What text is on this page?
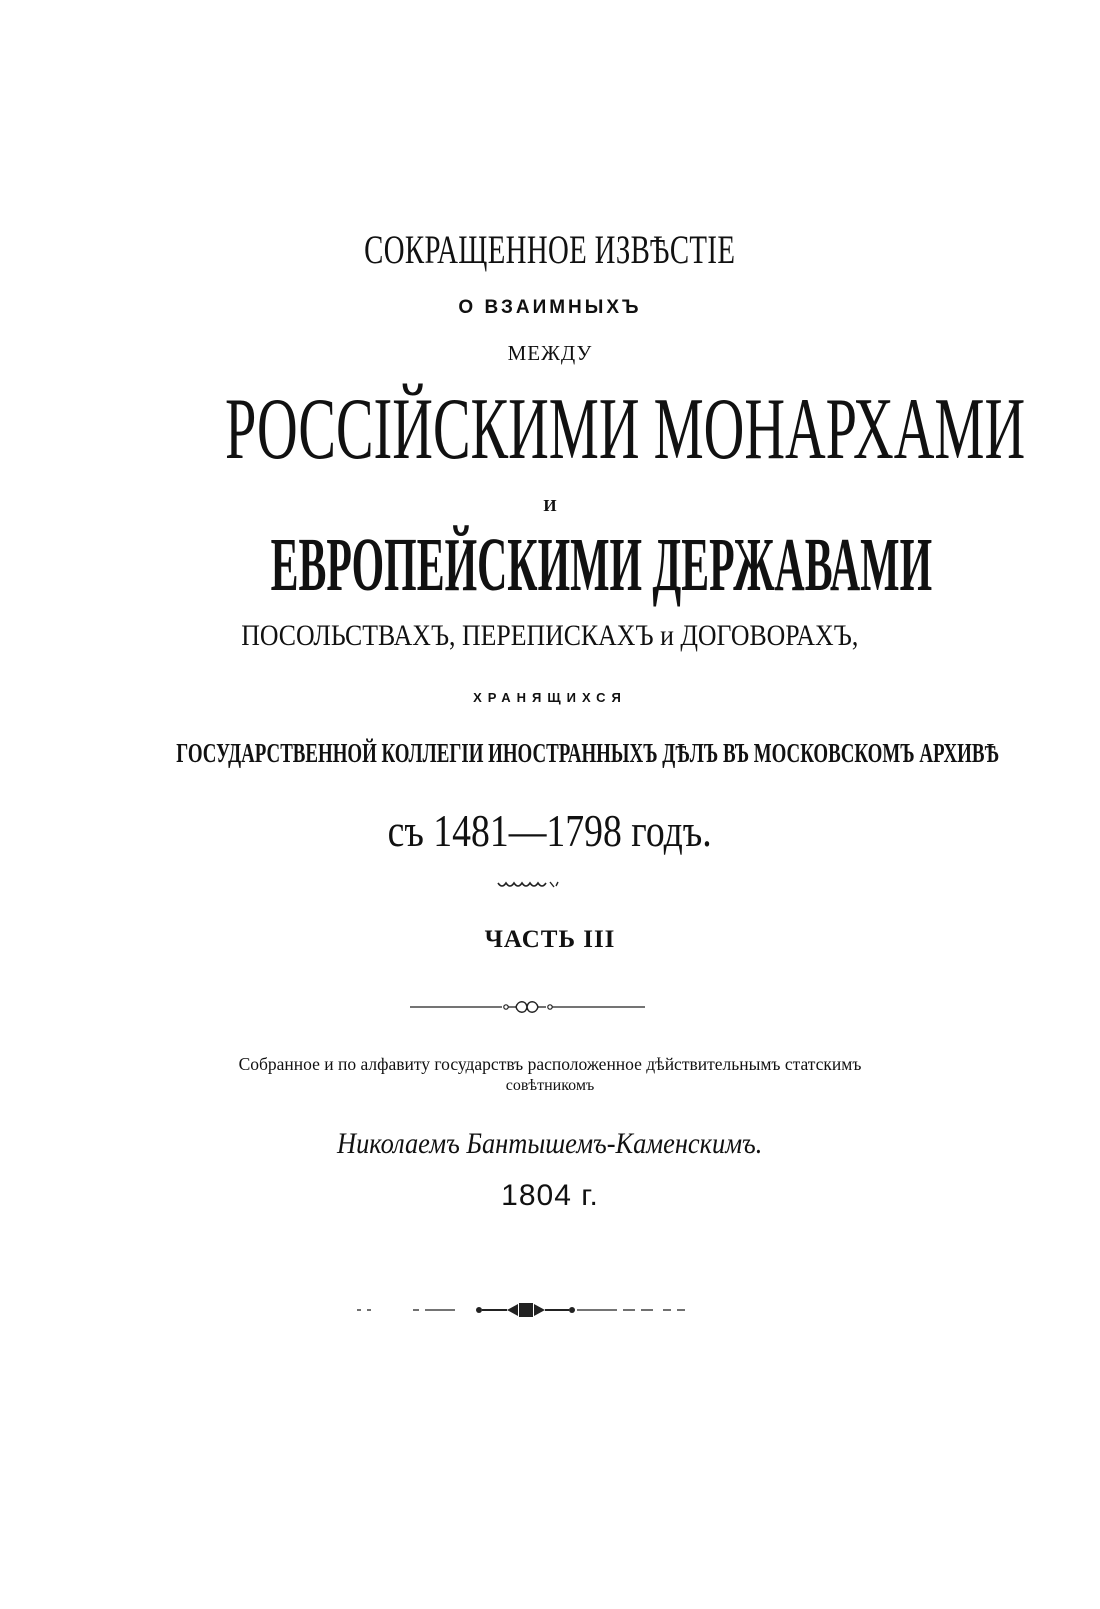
СОКРАЩЕННОЕ ИЗВѢСТІЕ
О ВЗАИМНЫХЪ
МЕЖДУ
РОССІЙСКИМИ МОНАРХАМИ
И
ЕВРОПЕЙСКИМИ ДЕРЖАВАМИ
ПОСОЛЬСТВАХЪ, ПЕРЕПИСКАХЪ и ДОГОВОРАХЪ,
ХРАНЯЩИХСЯ
ГОСУДАРСТВЕННОЙ КОЛЛЕГІИ ИНОСТРАННЫХЪ ДѢЛЪ ВЪ МОСКОВСКОМЪ АРХИВѢ
съ 1481—1798 годъ.
ЧАСТЬ III
Собранное и по алфавиту государствъ расположенное дѣйствительнымъ статскимъ
совѣтникомъ
Николаемъ Бантышемъ-Каменскимъ.
1804 г.
